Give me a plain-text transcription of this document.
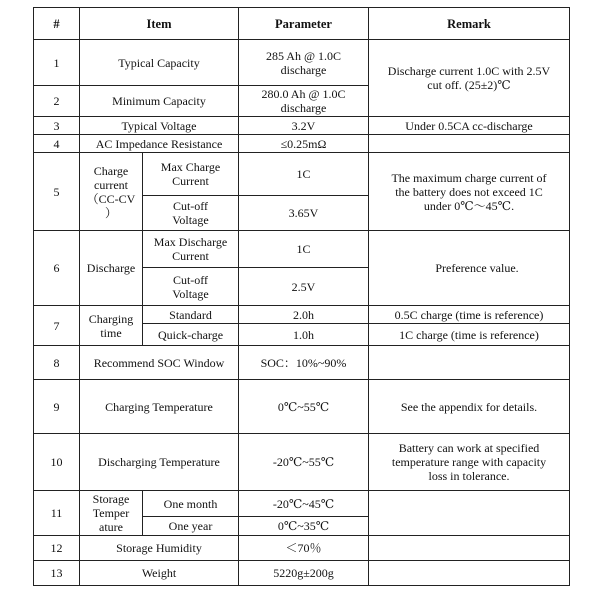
#	Item		Parameter	Remark
1	Typical Capacity		285 Ah @ 1.0C
discharge	Discharge current 1.0C with 2.5V
cut off. (25±2)℃

2	Minimum Capacity		280.0 Ah @ 1.0C
discharge	

3	Typical Voltage		3.2V	Under 0.5CA cc-discharge
4	AC Impedance Resistance		≤0.25mΩ	
5	Charge
current
（CC-CV
）	Max Charge
Current	1C	The maximum charge current of
the battery does not exceed 1C
under 0℃～45℃.

		Cut-off
Voltage	3.65V	
6	Discharge	Max Discharge
Current	1C	Preference value.

		Cut-off
Voltage	2.5V	
7	Charging
time	Standard	2.0h	0.5C charge (time is reference)
		Quick-charge	1.0h	1C charge (time is reference)
8	Recommend SOC Window		SOC：10%~90%	
9	Charging Temperature		0℃~55℃	See the appendix for details.
10	Discharging Temperature		-20℃~55℃	Battery can work at specified
temperature range with capacity
loss in tolerance.

11	Storage
Temper
ature	One month	-20℃~45℃	
		One year	0℃~35℃	
12	Storage Humidity		＜70％	
13	Weight		5220g±200g	
